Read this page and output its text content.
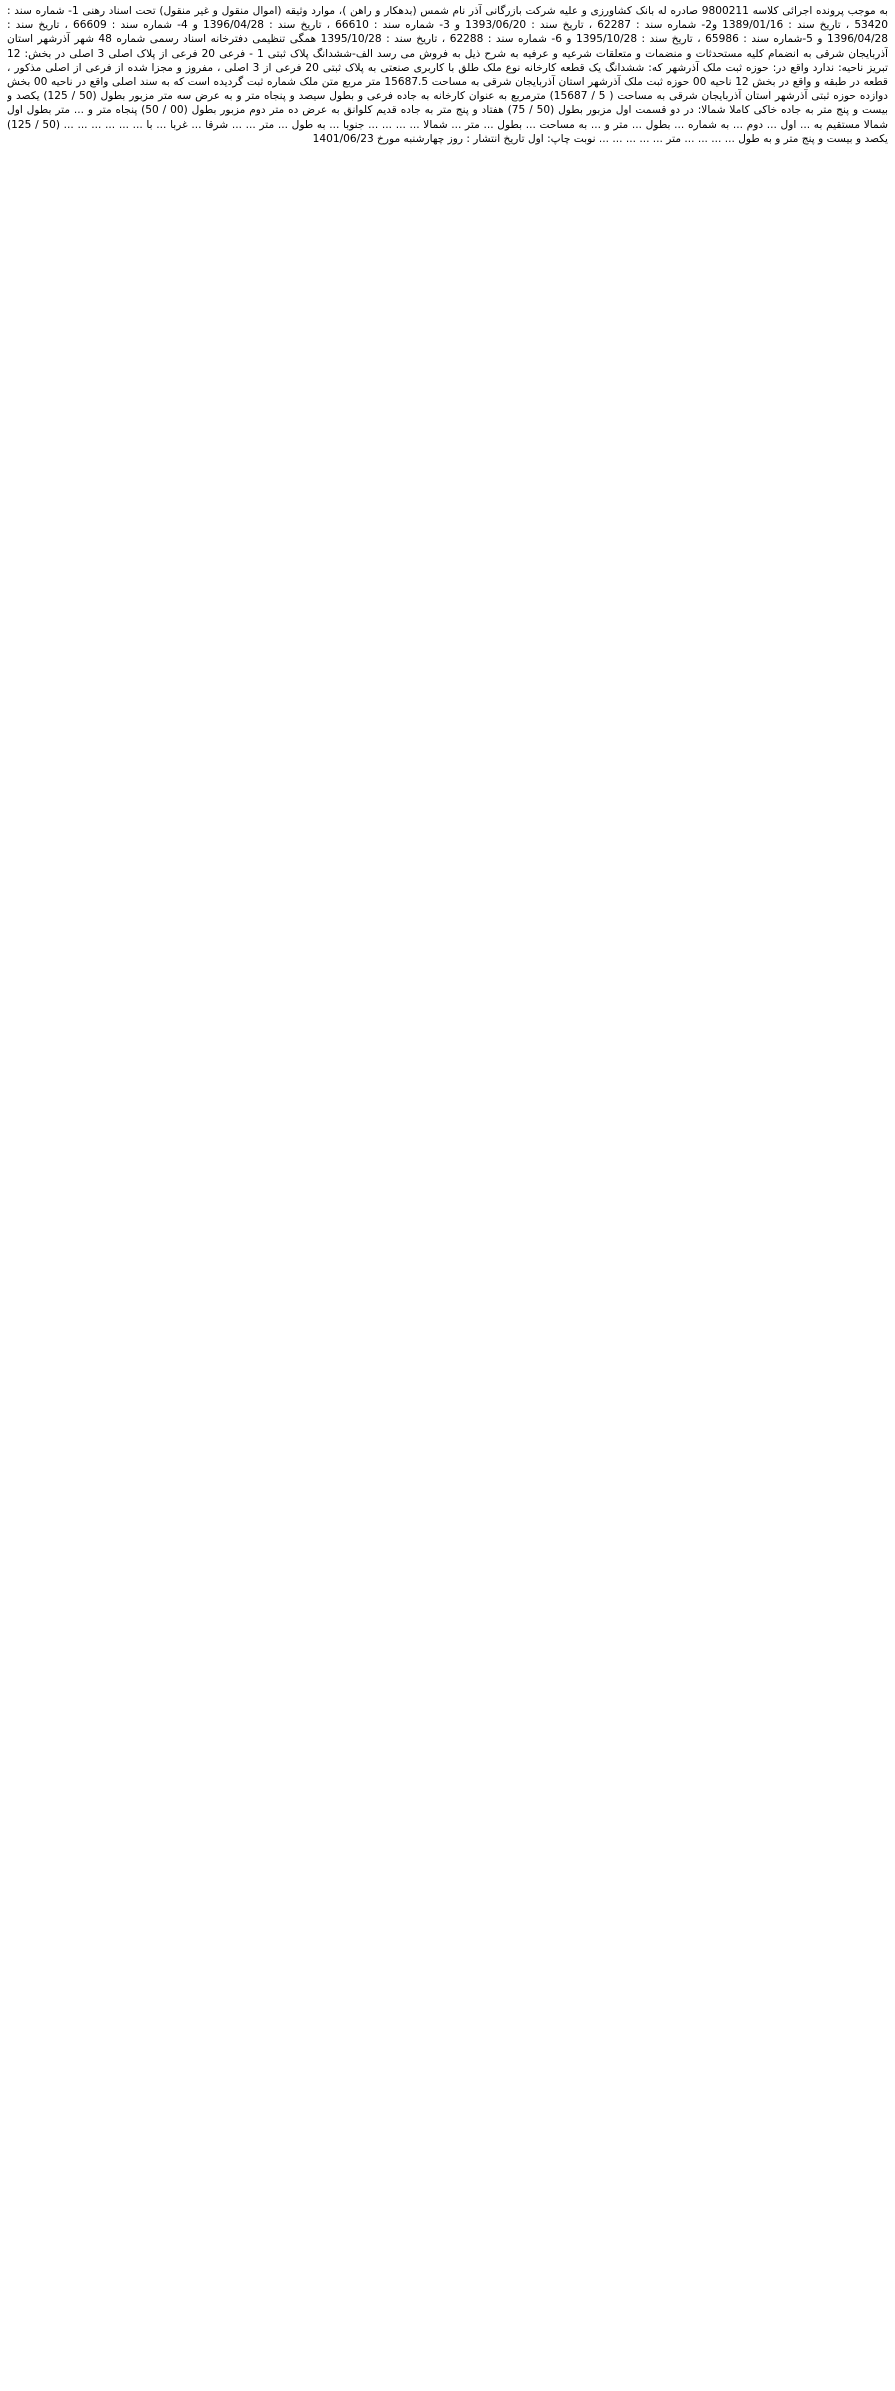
به موجب پرونده اجرائی کلاسه 9800211 صادره له بانک کشاورزی و علیه شرکت بازرگانی آذر نام شمس (بدهکار و راهن )، موارد وثیقه (اموال منقول و غیر منقول) تحت اسناد رهنی 1- شماره سند : 53420 ، تاریخ سند : 1389/01/16 و2- شماره سند : 62287 ، تاریخ سند : 1393/06/20 و 3- شماره سند : 66610 ، تاریخ سند : 1396/04/28 و 4- شماره سند : 66609 ، تاریخ سند : 1396/04/28 و 5-شماره سند : 65986 ، تاریخ سند : 1395/10/28 و 6- شماره سند : 62288 ، تاریخ سند : 1395/10/28 همگی تنظیمی دفترخانه اسناد رسمی شماره 48 شهر آذرشهر استان آذربایجان شرقی به انضمام کلیه مستحدثات و منضمات و متعلقات شرعیه و عرفیه به شرح ذیل به فروش می رسد الف-ششدانگ پلاک ثبتی 1 - فرعی 20 فرعی از پلاک اصلی 3 اصلی در بخش: 12 تبریز ناحیه: ندارد واقع در: حوزه ثبت ملک آذرشهر که: ششدانگ یک قطعه کارخانه نوع ملک طلق با کاربری صنعتی به پلاک ثبتی 20 فرعی از 3 اصلی ، مفروز و مجزا شده از فرعی از اصلی مذکور ، قطعه در طبقه و واقع در بخش 12 ناحیه 00 حوزه ثبت ملک آذرشهر استان آذربایجان شرقی به مساحت 15687.5 متر مربع متن ملک شماره ثبت گردیده است که به سند اصلی واقع در ناحیه 00 بخش دوازده حوزه ثبتی آذرشهر استان آذربایجان شرقی به مساحت ( 5 / 15687) مترمربع به عنوان کارخانه به جاده فرعی و بطول سیصد و پنجاه متر و به عرض سه متر مزبور بطول (50 / 125) یکصد و بیست و پنج متر به جاده خاکی کاملا شمالا: در دو قسمت اول مزبور بطول (50 / 75) هفتاد و پنج متر به جاده قدیم کلوانق به عرض ده متر دوم مزبور بطول (00 / 50) پنجاه متر و ... متر بطول اول شمالا مستقیم به ... اول ... دوم ... به شماره ... بطول ... متر و ... به مساحت ... بطول ... متر ... شمالا ... ... ... ... جنوبا ... به طول ... متر ... ... شرقا ... غربا ... با ... ... ... ... ... ... (50 / 125) یکصد و بیست و پنج متر و به طول ... ... ... ... متر ... ... ... ... ... نوبت چاپ: اول تاریخ انتشار : روز چهارشنبه مورخ 1401/06/23
